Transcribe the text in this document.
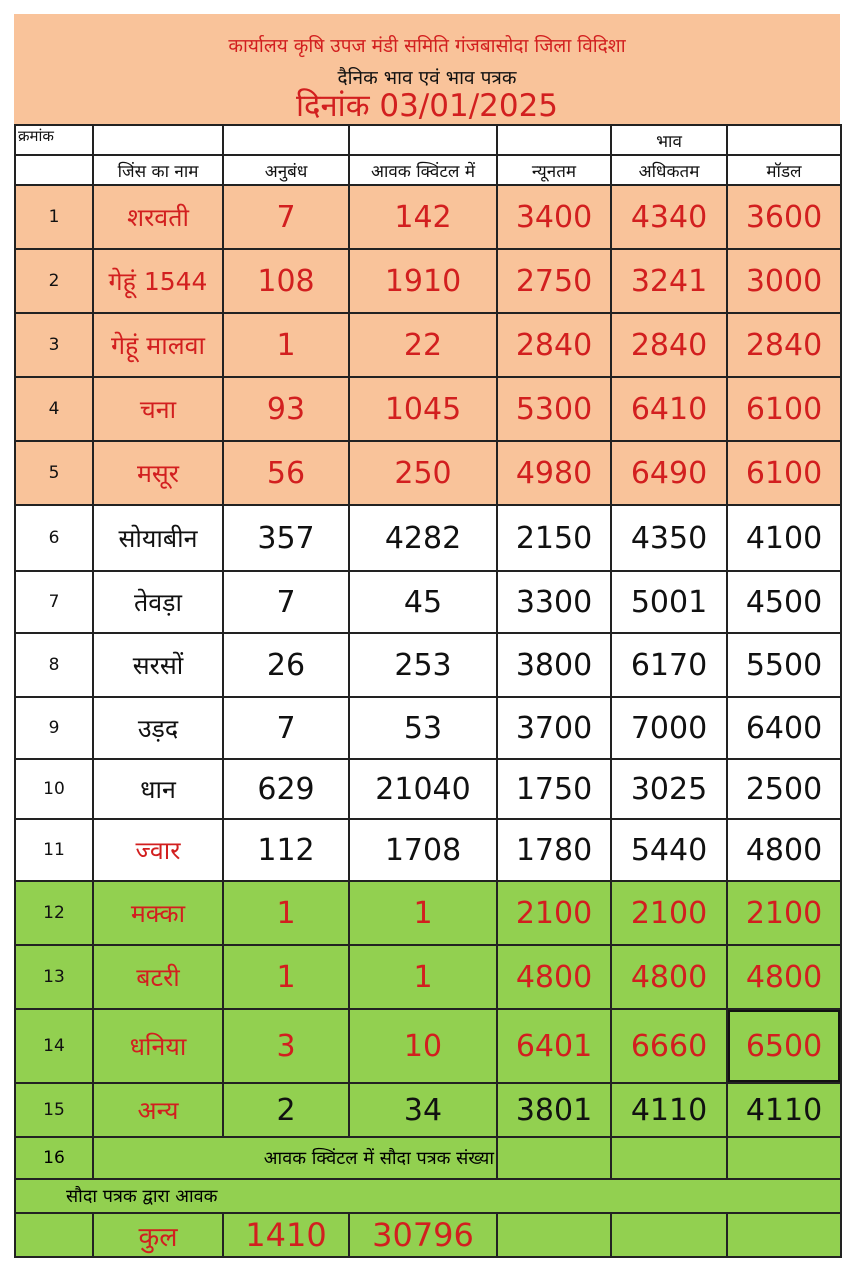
कार्यालय कृषि उपज मंडी समिति गंजबासोदा जिला विदिशा
दैनिक भाव एवं भाव पत्रक
दिनांक 03/01/2025
क्रमांक					भाव	
	जिंस का नाम	अनुबंध	आवक क्विंटल में	न्यूनतम	अधिकतम	मॉडल
1	शरवती	7	142	3400	4340	3600
2	गेहूं 1544	108	1910	2750	3241	3000
3	गेहूं मालवा	1	22	2840	2840	2840
4	चना	93	1045	5300	6410	6100
5	मसूर	56	250	4980	6490	6100
6	सोयाबीन	357	4282	2150	4350	4100
7	तेवड़ा	7	45	3300	5001	4500
8	सरसों	26	253	3800	6170	5500
9	उड़द	7	53	3700	7000	6400
10	धान	629	21040	1750	3025	2500
11	ज्वार	112	1708	1780	5440	4800
12	मक्का	1	1	2100	2100	2100
13	बटरी	1	1	4800	4800	4800
14	धनिया	3	10	6401	6660	6500
15	अन्य	2	34	3801	4110	4110
16	आवक क्विंटल में सौदा पत्रक संख्या					
सौदा पत्रक द्वारा आवक						
	कुल	1410	30796			
